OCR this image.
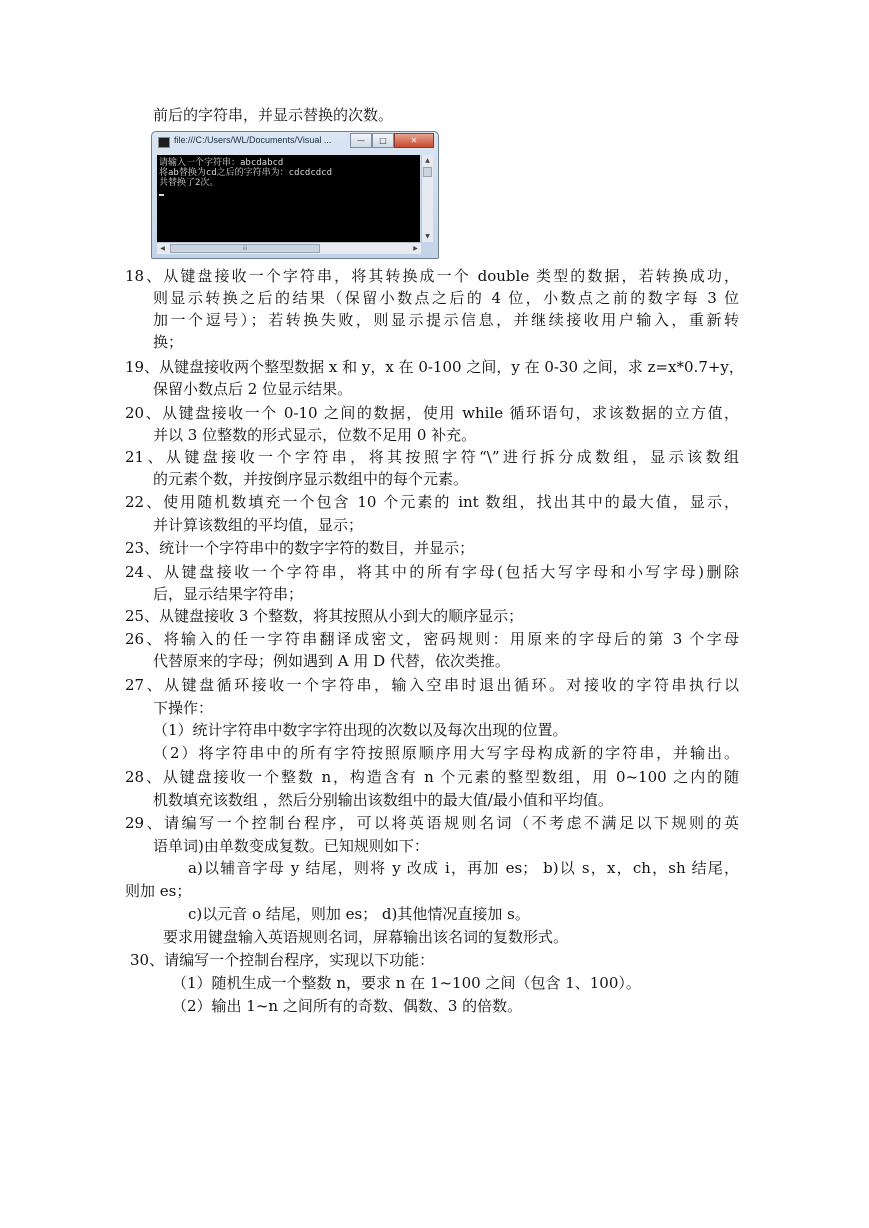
前后的字符串，并显示替换的次数。
file:///C:/Users/WL/Documents/Visual ...	—	□	✕
请输入一个字符串：abcdabcd
将ab替换为cd之后的字符串为：cdcdcdcd
共替换了2次。
▲
▼
◀	⁞⁞⁞	▶
18、从键盘接收一个字符串，将其转换成一个 double 类型的数据，若转换成功，
则显示转换之后的结果（保留小数点之后的 4 位，小数点之前的数字每 3 位
加一个逗号）；若转换失败，则显示提示信息，并继续接收用户输入，重新转
换；
19、从键盘接收两个整型数据 x 和 y，x 在 0-100 之间，y 在 0-30 之间，求 z=x*0.7+y，
保留小数点后 2 位显示结果。
20、从键盘接收一个 0-10 之间的数据，使用 while 循环语句，求该数据的立方值，
并以 3 位整数的形式显示，位数不足用 0 补充。
21、从键盘接收一个字符串，将其按照字符“\”进行拆分成数组，显示该数组
的元素个数，并按倒序显示数组中的每个元素。
22、使用随机数填充一个包含 10 个元素的 int 数组，找出其中的最大值，显示，
并计算该数组的平均值，显示；
23、统计一个字符串中的数字字符的数目，并显示；
24、从键盘接收一个字符串，将其中的所有字母(包括大写字母和小写字母)删除
后，显示结果字符串；
25、从键盘接收 3 个整数，将其按照从小到大的顺序显示；
26、将输入的任一字符串翻译成密文，密码规则：用原来的字母后的第 3 个字母
代替原来的字母；例如遇到 A 用 D 代替，依次类推。
27、从键盘循环接收一个字符串，输入空串时退出循环。对接收的字符串执行以
下操作：
（1）统计字符串中数字字符出现的次数以及每次出现的位置。
（2）将字符串中的所有字符按照原顺序用大写字母构成新的字符串，并输出。
28、从键盘接收一个整数 n，构造含有 n 个元素的整型数组，用 0~100 之内的随
机数填充该数组 ，然后分别输出该数组中的最大值/最小值和平均值。
29、请编写一个控制台程序，可以将英语规则名词（不考虑不满足以下规则的英
语单词)由单数变成复数。已知规则如下：
a)以辅音字母 y 结尾，则将 y 改成 i，再加 es； b)以 s，x，ch，sh 结尾，
则加 es；
c)以元音 o 结尾，则加 es； d)其他情况直接加 s。
要求用键盘输入英语规则名词，屏幕输出该名词的复数形式。
30、请编写一个控制台程序，实现以下功能：
（1）随机生成一个整数 n，要求 n 在 1~100 之间（包含 1、100）。
（2）输出 1~n 之间所有的奇数、偶数、3 的倍数。
